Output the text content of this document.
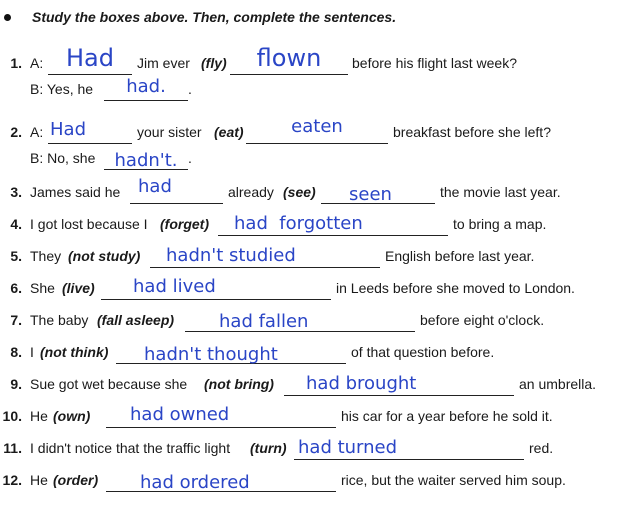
Study the boxes above. Then, complete the sentences.
1. A: Had	Jim ever (fly)	flown	before his flight last week?
B: Yes, he	had.	.
2. A: Had	your sister (eat)	eaten	breakfast before she left?
B: No, she	hadn't. .
3. James said he had	already (see) seen	the movie last year.
4. I got lost because I (forget) had  forgotten	to bring a map.
5. They (not study) hadn't studied	English before last year.
6. She (live) had lived	in Leeds before she moved to London.
7. The baby (fall asleep) had fallen	before eight o'clock.
8. I (not think) hadn't thought	of that question before.
9. Sue got wet because she (not bring) had brought	an umbrella.
10. He (own) had owned	his car for a year before he sold it.
11. I didn't notice that the traffic light (turn) had turned	red.
12. He (order) had ordered	rice, but the waiter served him soup.
